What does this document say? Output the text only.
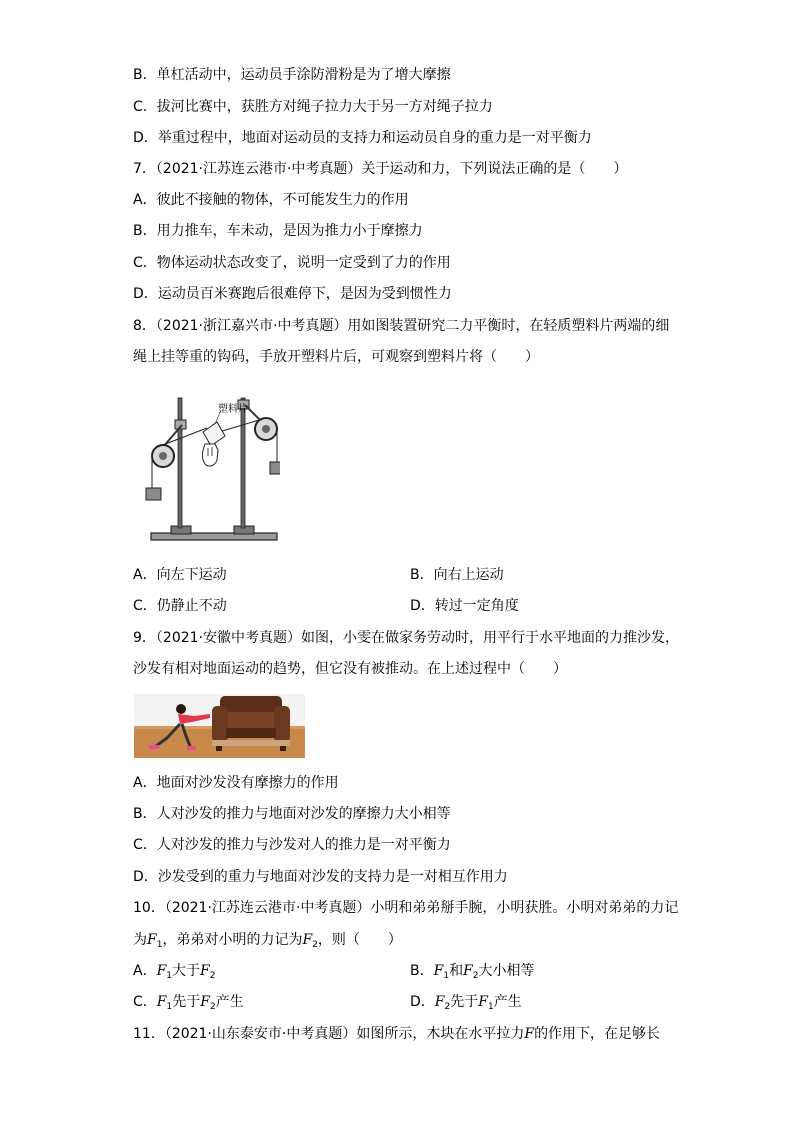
B．单杠活动中，运动员手涂防滑粉是为了增大摩擦
C．拔河比赛中，获胜方对绳子拉力大于另一方对绳子拉力
D．举重过程中，地面对运动员的支持力和运动员自身的重力是一对平衡力
7．（2021·江苏连云港市·中考真题）关于运动和力，下列说法正确的是（　　）
A．彼此不接触的物体，不可能发生力的作用
B．用力推车，车未动，是因为推力小于摩擦力
C．物体运动状态改变了，说明一定受到了力的作用
D．运动员百米赛跑后很难停下，是因为受到惯性力
8．（2021·浙江嘉兴市·中考真题）用如图装置研究二力平衡时，在轻质塑料片两端的细
绳上挂等重的钩码，手放开塑料片后，可观察到塑料片将（　　）
塑料片
A．向左下运动	B．向右上运动
C．仍静止不动	D．转过一定角度
9．（2021·安徽中考真题）如图，小雯在做家务劳动时，用平行于水平地面的力推沙发，
沙发有相对地面运动的趋势，但它没有被推动。在上述过程中（　　）
A．地面对沙发没有摩擦力的作用
B．人对沙发的推力与地面对沙发的摩擦力大小相等
C．人对沙发的推力与沙发对人的推力是一对平衡力
D．沙发受到的重力与地面对沙发的支持力是一对相互作用力
10．（2021·江苏连云港市·中考真题）小明和弟弟掰手腕，小明获胜。小明对弟弟的力记
为$F_1$，弟弟对小明的力记为$F_2$，则（　　）
A．$F_1$大于$F_2$	B．$F_1$和$F_2$大小相等
C．$F_1$先于$F_2$产生	D．$F_2$先于$F_1$产生
11．（2021·山东泰安市·中考真题）如图所示，木块在水平拉力F的作用下，在足够长
